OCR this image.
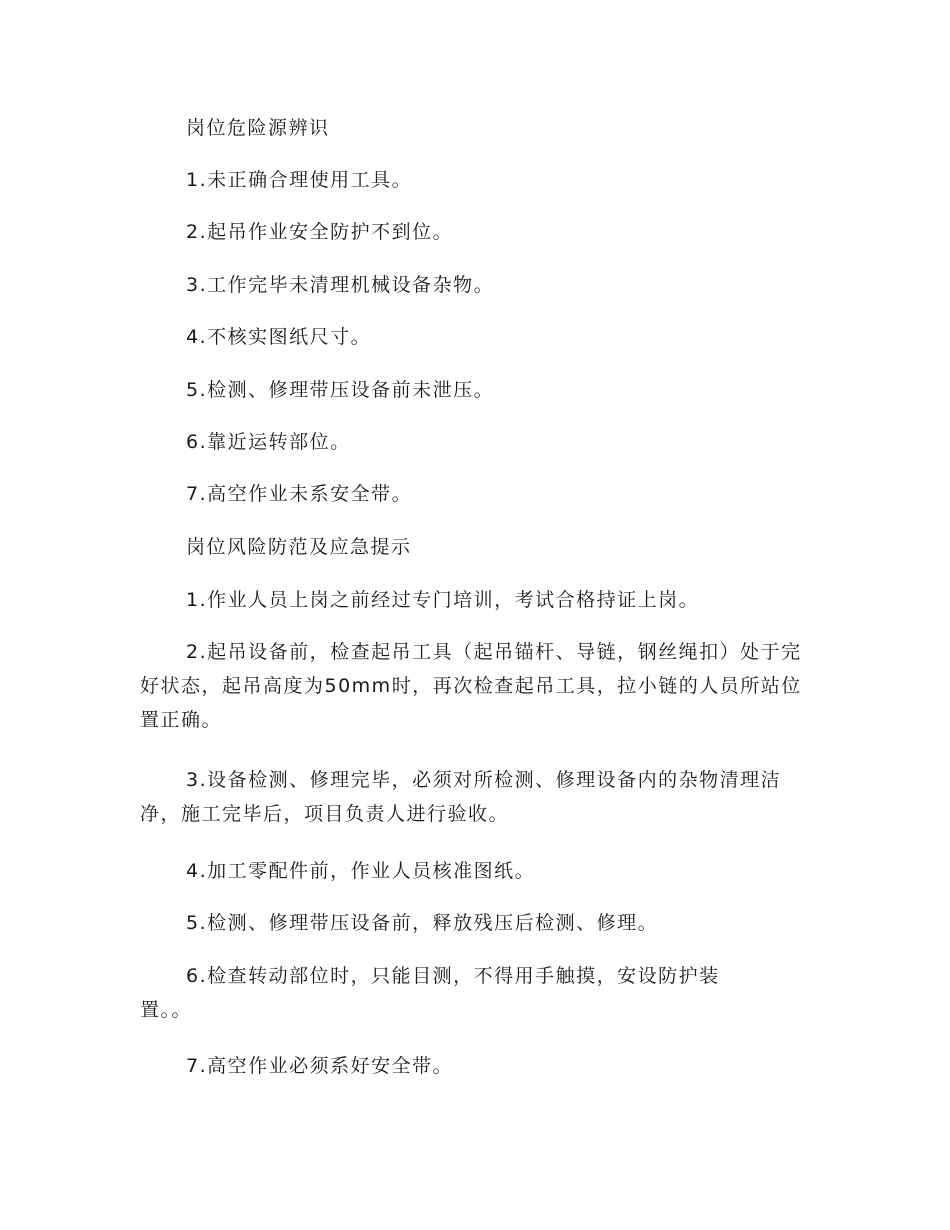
岗位危险源辨识

1.未正确合理使用工具。

2.起吊作业安全防护不到位。

3.工作完毕未清理机械设备杂物。

4.不核实图纸尺寸。

5.检测、修理带压设备前未泄压。

6.靠近运转部位。

7.高空作业未系安全带。

岗位风险防范及应急提示

1.作业人员上岗之前经过专门培训，考试合格持证上岗。

2.起吊设备前，检查起吊工具（起吊锚杆、导链，钢丝绳扣）处于完好状态，起吊高度为50mm时，再次检查起吊工具，拉小链的人员所站位置正确。

3.设备检测、修理完毕，必须对所检测、修理设备内的杂物清理洁净，施工完毕后，项目负责人进行验收。

4.加工零配件前，作业人员核准图纸。

5.检测、修理带压设备前，释放残压后检测、修理。

6.检查转动部位时，只能目测，不得用手触摸，安设防护装置。。

7.高空作业必须系好安全带。
